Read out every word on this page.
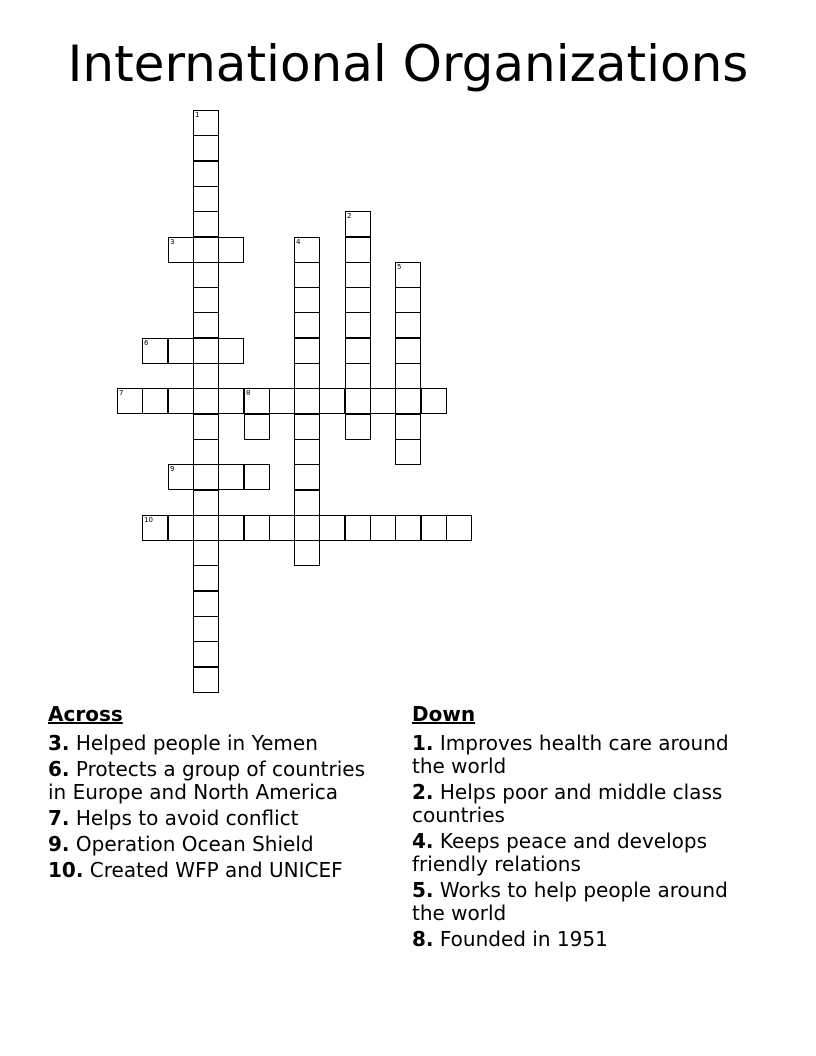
International Organizations
1
2
3	4
5
6
7	8
9
10
Across
3. Helped people in Yemen
6. Protects a group of countries in Europe and North America
7. Helps to avoid conflict
9. Operation Ocean Shield
10. Created WFP and UNICEF
Down
1. Improves health care around the world
2. Helps poor and middle class countries
4. Keeps peace and develops friendly relations
5. Works to help people around the world
8. Founded in 1951
